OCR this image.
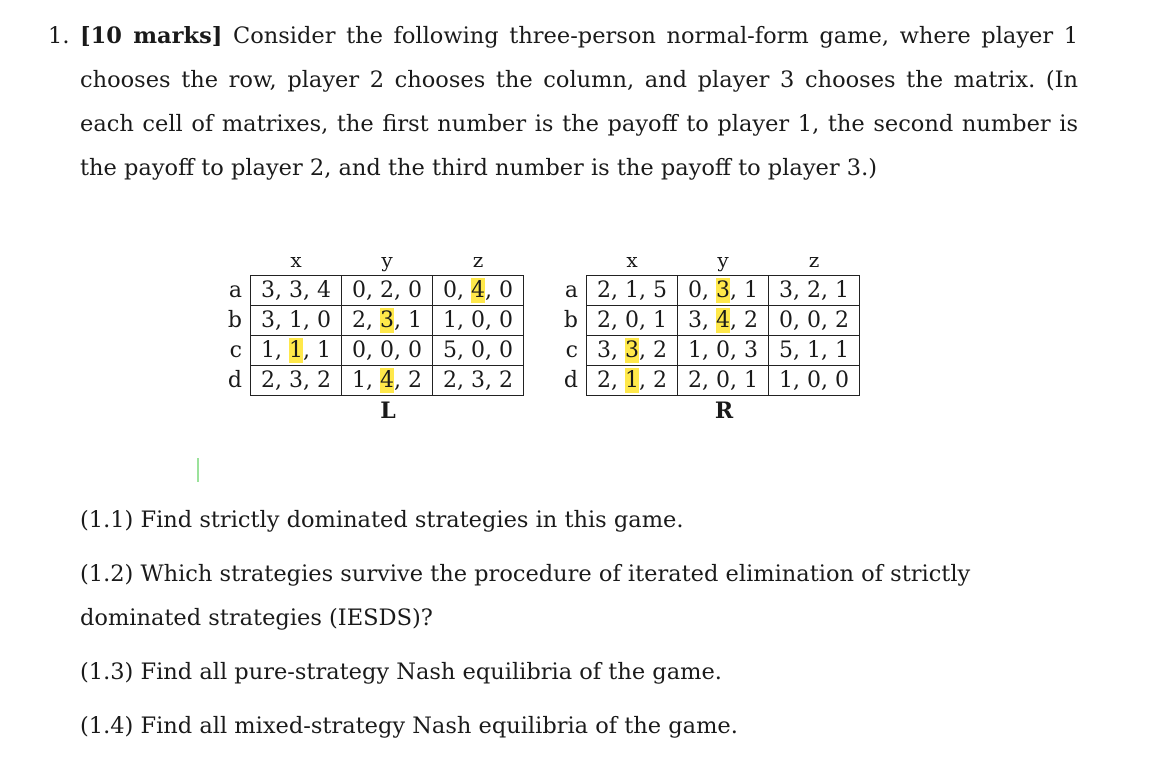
1. [10 marks] Consider the following three-person normal-form game, where player 1 chooses the row, player 2 chooses the column, and player 3 chooses the matrix. (In each cell of matrixes, the first number is the payoff to player 1, the second number is the payoff to player 2, and the third number is the payoff to player 3.)
	x	y	z
a	3, 3, 4	0, 2, 0	0, 4, 0
b	3, 1, 0	2, 3, 1	1, 0, 0
c	1, 1, 1	0, 0, 0	5, 0, 0
d	2, 3, 2	1, 4, 2	2, 3, 2
L
	x	y	z
a	2, 1, 5	0, 3, 1	3, 2, 1
b	2, 0, 1	3, 4, 2	0, 0, 2
c	3, 3, 2	1, 0, 3	5, 1, 1
d	2, 1, 2	2, 0, 1	1, 0, 0
R
(1.1) Find strictly dominated strategies in this game.
(1.2) Which strategies survive the procedure of iterated elimination of strictly dominated strategies (IESDS)?
(1.3) Find all pure-strategy Nash equilibria of the game.
(1.4) Find all mixed-strategy Nash equilibria of the game.
